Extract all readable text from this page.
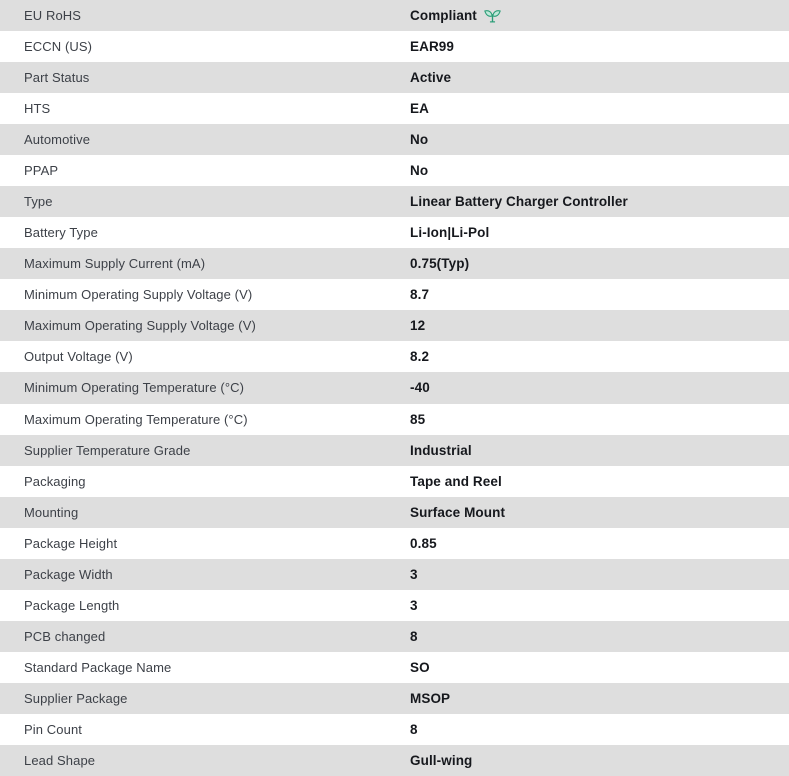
EU RoHS	Compliant
ECCN (US)	EAR99
Part Status	Active
HTS	EA
Automotive	No
PPAP	No
Type	Linear Battery Charger Controller
Battery Type	Li-Ion|Li-Pol
Maximum Supply Current (mA)	0.75(Typ)
Minimum Operating Supply Voltage (V)	8.7
Maximum Operating Supply Voltage (V)	12
Output Voltage (V)	8.2
Minimum Operating Temperature (°C)	-40
Maximum Operating Temperature (°C)	85
Supplier Temperature Grade	Industrial
Packaging	Tape and Reel
Mounting	Surface Mount
Package Height	0.85
Package Width	3
Package Length	3
PCB changed	8
Standard Package Name	SO
Supplier Package	MSOP
Pin Count	8
Lead Shape	Gull-wing
